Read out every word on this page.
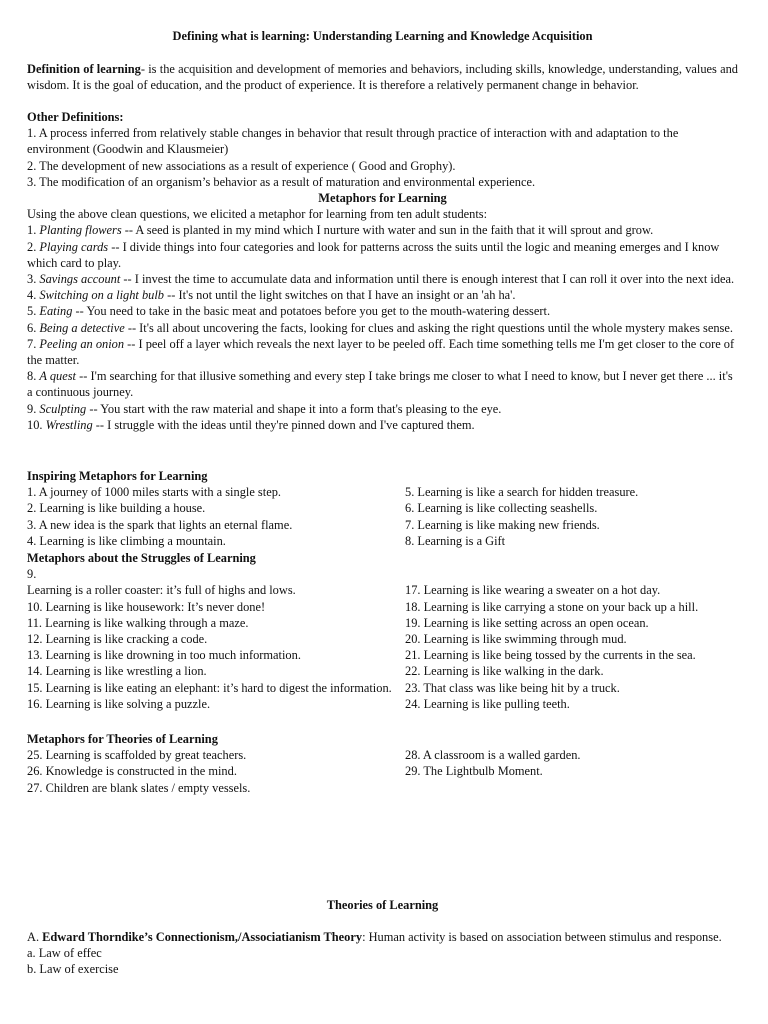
Defining what is learning: Understanding Learning and Knowledge Acquisition

Definition of learning- is the acquisition and development of memories and behaviors, including skills, knowledge, understanding, values and wisdom. It is the goal of education, and the product of experience. It is therefore a relatively permanent change in behavior.

Other Definitions:
1. A process inferred from relatively stable changes in behavior that result through practice of interaction with and adaptation to the environment (Goodwin and Klausmeier)
2. The development of new associations as a result of experience ( Good and Grophy).
3. The modification of an organism’s behavior as a result of maturation and environmental experience.
Metaphors for Learning
Using the above clean questions, we elicited a metaphor for learning from ten adult students:
1. Planting flowers -- A seed is planted in my mind which I nurture with water and sun in the faith that it will sprout and grow.
2. Playing cards -- I divide things into four categories and look for patterns across the suits until the logic and meaning emerges and I know which card to play.
3. Savings account -- I invest the time to accumulate data and information until there is enough interest that I can roll it over into the next idea.
4. Switching on a light bulb -- It's not until the light switches on that I have an insight or an 'ah ha'.
5. Eating -- You need to take in the basic meat and potatoes before you get to the mouth-watering dessert.
6. Being a detective -- It's all about uncovering the facts, looking for clues and asking the right questions until the whole mystery makes sense.
7. Peeling an onion -- I peel off a layer which reveals the next layer to be peeled off. Each time something tells me I'm get closer to the core of the matter.
8. A quest -- I'm searching for that illusive something and every step I take brings me closer to what I need to know, but I never get there ... it's a continuous journey.
9. Sculpting -- You start with the raw material and shape it into a form that's pleasing to the eye.
10. Wrestling -- I struggle with the ideas until they're pinned down and I've captured them.
Inspiring Metaphors for Learning
1. A journey of 1000 miles starts with a single step.
2. Learning is like building a house.
3. A new idea is the spark that lights an eternal flame.
4. Learning is like climbing a mountain.
5. Learning is like a search for hidden treasure.
6. Learning is like collecting seashells.
7. Learning is like making new friends.
8. Learning is a Gift
Metaphors about the Struggles of Learning
9.
Learning is a roller coaster: it’s full of highs and lows.
10. Learning is like housework: It’s never done!
11. Learning is like walking through a maze.
12. Learning is like cracking a code.
13. Learning is like drowning in too much information.
14. Learning is like wrestling a lion.
15. Learning is like eating an elephant: it’s hard to digest the information.
16. Learning is like solving a puzzle.
17. Learning is like wearing a sweater on a hot day.
18. Learning is like carrying a stone on your back up a hill.
19. Learning is like setting across an open ocean.
20. Learning is like swimming through mud.
21. Learning is like being tossed by the currents in the sea.
22. Learning is like walking in the dark.
23. That class was like being hit by a truck.
24. Learning is like pulling teeth.
Metaphors for Theories of Learning
25. Learning is scaffolded by great teachers.
26. Knowledge is constructed in the mind.
27. Children are blank slates / empty vessels.
28. A classroom is a walled garden.
29. The Lightbulb Moment.
Theories of Learning
A. Edward Thorndike’s Connectionism,/Associatianism Theory: Human activity is based on association between stimulus and response.
a. Law of effec
b. Law of exercise
